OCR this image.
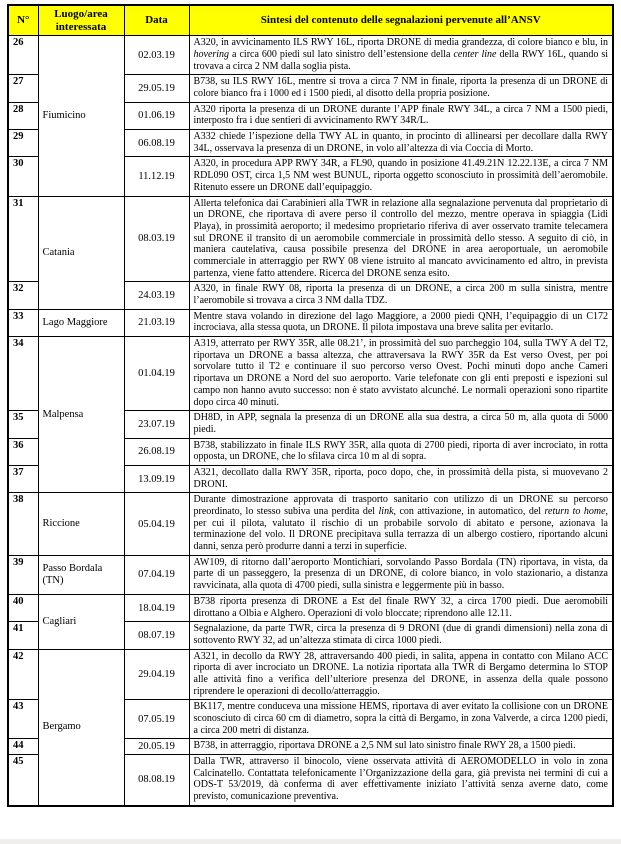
N°	Luogo/area interessata	Data	Sintesi del contenuto delle segnalazioni pervenute all’ANSV
26	Fiumicino	02.03.19	A320, in avvicinamento ILS RWY 16L, riporta DRONE di media grandezza, di colore bianco e blu, in hovering a circa 600 piedi sul lato sinistro dell’estensione della center line della RWY 16L, quando si trovava a circa 2 NM dalla soglia pista.
27		29.05.19	B738, su ILS RWY 16L, mentre si trova a circa 7 NM in finale, riporta la presenza di un DRONE di colore bianco fra i 1000 ed i 1500 piedi, al disotto della propria posizione.
28		01.06.19	A320 riporta la presenza di un DRONE durante l’APP finale RWY 34L, a circa 7 NM a 1500 piedi, interposto fra i due sentieri di avvicinamento RWY 34R/L.
29		06.08.19	A332 chiede l’ispezione della TWY AL in quanto, in procinto di allinearsi per decollare dalla RWY 34L, osservava la presenza di un DRONE, in volo all’altezza di via Coccia di Morto.
30		11.12.19	A320, in procedura APP RWY 34R, a FL90, quando in posizione 41.49.21N 12.22.13E, a circa 7 NM RDL090 OST, circa 1,5 NM west BUNUL, riporta oggetto sconosciuto in prossimità dell’aeromobile. Ritenuto essere un DRONE dall’equipaggio.
31	Catania	08.03.19	Allerta telefonica dai Carabinieri alla TWR in relazione alla segnalazione pervenuta dal proprietario di un DRONE, che riportava di avere perso il controllo del mezzo, mentre operava in spiaggia (Lidi Playa), in prossimità aeroporto; il medesimo proprietario riferiva di aver osservato tramite telecamera sul DRONE il transito di un aeromobile commerciale in prossimità dello stesso. A seguito di ciò, in maniera cautelativa, causa possibile presenza del DRONE in area aeroportuale, un aeromobile commerciale in atterraggio per RWY 08 viene istruito al mancato avvicinamento ed altro, in prevista partenza, viene fatto attendere. Ricerca del DRONE senza esito.
32		24.03.19	A320, in finale RWY 08, riporta la presenza di un DRONE, a circa 200 m sulla sinistra, mentre l’aeromobile si trovava a circa 3 NM dalla TDZ.
33	Lago Maggiore	21.03.19	Mentre stava volando in direzione del lago Maggiore, a 2000 piedi QNH, l’equipaggio di un C172 incrociava, alla stessa quota, un DRONE. Il pilota impostava una breve salita per evitarlo.
34	Malpensa	01.04.19	A319, atterrato per RWY 35R, alle 08.21’, in prossimità del suo parcheggio 104, sulla TWY A del T2, riportava un DRONE a bassa altezza, che attraversava la RWY 35R da Est verso Ovest, per poi sorvolare tutto il T2 e continuare il suo percorso verso Ovest. Pochi minuti dopo anche Cameri riportava un DRONE a Nord del suo aeroporto. Varie telefonate con gli enti preposti e ispezioni sul campo non hanno avuto successo: non è stato avvistato alcunché. Le normali operazioni sono ripartite dopo circa 40 minuti.
35		23.07.19	DH8D, in APP, segnala la presenza di un DRONE alla sua destra, a circa 50 m, alla quota di 5000 piedi.
36		26.08.19	B738, stabilizzato in finale ILS RWY 35R, alla quota di 2700 piedi, riporta di aver incrociato, in rotta opposta, un DRONE, che lo sfilava circa 10 m al di sopra.
37		13.09.19	A321, decollato dalla RWY 35R, riporta, poco dopo, che, in prossimità della pista, si muovevano 2 DRONI.
38	Riccione	05.04.19	Durante dimostrazione approvata di trasporto sanitario con utilizzo di un DRONE su percorso preordinato, lo stesso subiva una perdita del link, con attivazione, in automatico, del return to home, per cui il pilota, valutato il rischio di un probabile sorvolo di abitato e persone, azionava la terminazione del volo. Il DRONE precipitava sulla terrazza di un albergo costiero, riportando alcuni danni, senza però produrre danni a terzi in superficie.
39	Passo Bordala (TN)	07.04.19	AW109, di ritorno dall’aeroporto Montichiari, sorvolando Passo Bordala (TN) riportava, in vista, da parte di un passeggero, la presenza di un DRONE, di colore bianco, in volo stazionario, a distanza ravvicinata, alla quota di 4700 piedi, sulla sinistra e leggermente più in basso.
40	Cagliari	18.04.19	B738 riporta presenza di DRONE a Est del finale RWY 32, a circa 1700 piedi. Due aeromobili dirottano a Olbia e Alghero. Operazioni di volo bloccate; riprendono alle 12.11.
41		08.07.19	Segnalazione, da parte TWR, circa la presenza di 9 DRONI (due di grandi dimensioni) nella zona di sottovento RWY 32, ad un’altezza stimata di circa 1000 piedi.
42	Bergamo	29.04.19	A321, in decollo da RWY 28, attraversando 400 piedi, in salita, appena in contatto con Milano ACC riporta di aver incrociato un DRONE. La notizia riportata alla TWR di Bergamo determina lo STOP alle attività fino a verifica dell’ulteriore presenza del DRONE, in assenza della quale possono riprendere le operazioni di decollo/atterraggio.
43		07.05.19	BK117, mentre conduceva una missione HEMS, riportava di aver evitato la collisione con un DRONE sconosciuto di circa 60 cm di diametro, sopra la città di Bergamo, in zona Valverde, a circa 1200 piedi, a circa 200 metri di distanza.
44		20.05.19	B738, in atterraggio, riportava DRONE a 2,5 NM sul lato sinistro finale RWY 28, a 1500 piedi.
45		08.08.19	Dalla TWR, attraverso il binocolo, viene osservata attività di AEROMODELLO in volo in zona Calcinatello. Contattata telefonicamente l’Organizzazione della gara, già prevista nei termini di cui a ODS-T 53/2019, dà conferma di aver effettivamente iniziato l’attività senza averne dato, come previsto, comunicazione preventiva.
